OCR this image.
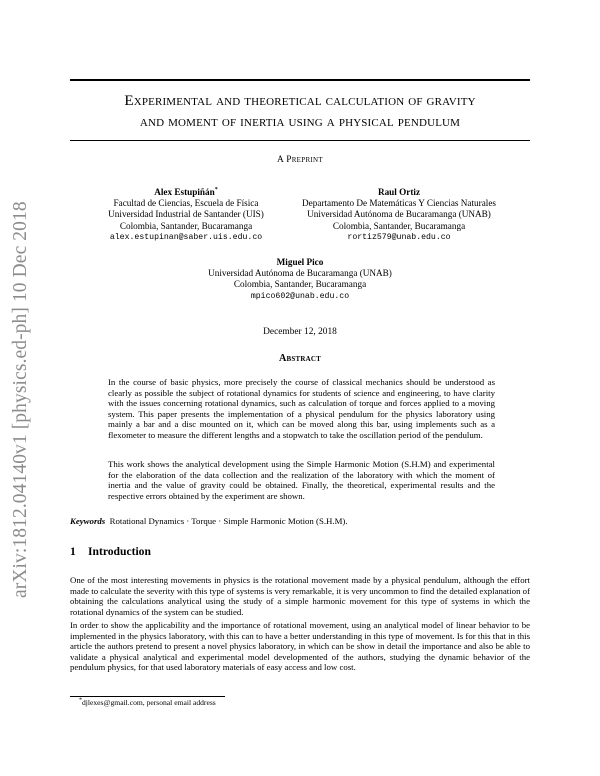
arXiv:1812.04140v1 [physics.ed-ph] 10 Dec 2018
Experimental and theoretical calculation of gravity
and moment of inertia using a physical pendulum
A Preprint
Alex Estupiñán*
Facultad de Ciencias, Escuela de Física
Universidad Industrial de Santander (UIS)
Colombia, Santander, Bucaramanga
alex.estupinan@saber.uis.edu.co
Raul Ortiz
Departamento De Matemáticas Y Ciencias Naturales
Universidad Autónoma de Bucaramanga (UNAB)
Colombia, Santander, Bucaramanga
rortiz579@unab.edu.co
Miguel Pico
Universidad Autónoma de Bucaramanga (UNAB)
Colombia, Santander, Bucaramanga
mpico602@unab.edu.co
December 12, 2018
Abstract
In the course of basic physics, more precisely the course of classical mechanics should be understood as clearly as possible the subject of rotational dynamics for students of science and engineering, to have clarity with the issues concerning rotational dynamics, such as calculation of torque and forces applied to a moving system. This paper presents the implementation of a physical pendulum for the physics laboratory using mainly a bar and a disc mounted on it, which can be moved along this bar, using implements such as a flexometer to measure the different lengths and a stopwatch to take the oscillation period of the pendulum.
This work shows the analytical development using the Simple Harmonic Motion (S.H.M) and experimental for the elaboration of the data collection and the realization of the laboratory with which the moment of inertia and the value of gravity could be obtained. Finally, the theoretical, experimental results and the respective errors obtained by the experiment are shown.
Keywords Rotational Dynamics · Torque · Simple Harmonic Motion (S.H.M).
1 Introduction
One of the most interesting movements in physics is the rotational movement made by a physical pendulum, although the effort made to calculate the severity with this type of systems is very remarkable, it is very uncommon to find the detailed explanation of obtaining the calculations analytical using the study of a simple harmonic movement for this type of systems in which the rotational dynamics of the system can be studied.
In order to show the applicability and the importance of rotational movement, using an analytical model of linear behavior to be implemented in the physics laboratory, with this can to have a better understanding in this type of movement. Is for this that in this article the authors pretend to present a novel physics laboratory, in which can be show in detail the importance and also be able to validate a physical analytical and experimental model developmented of the authors, studying the dynamic behavior of the pendulum physics, for that used laboratory materials of easy access and low cost.
*djlexes@gmail.com, personal email address
